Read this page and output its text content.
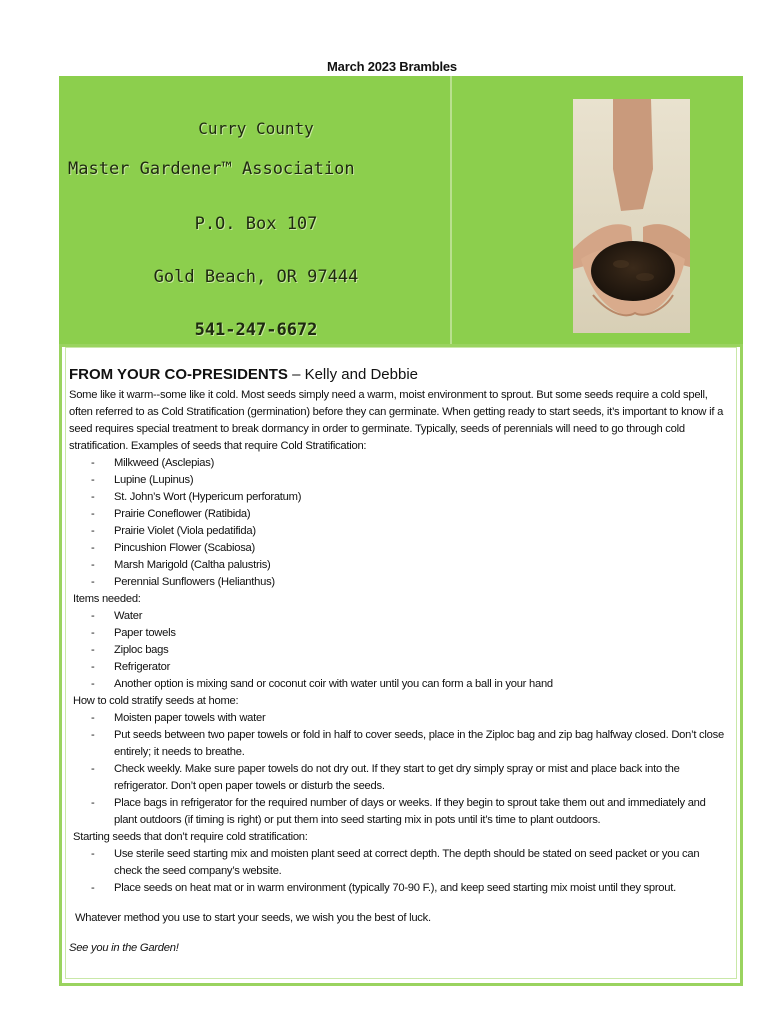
March 2023 Brambles
Curry County
Master Gardener™ Association
P.O. Box 107
Gold Beach, OR 97444
541-247-6672
FROM YOUR CO-PRESIDENTS – Kelly and Debbie
Some like it warm--some like it cold. Most seeds simply need a warm, moist environment to sprout. But some seeds require a cold spell, often referred to as Cold Stratification (germination) before they can germinate. When getting ready to start seeds, it’s important to know if a seed requires special treatment to break dormancy in order to germinate. Typically, seeds of perennials will need to go through cold stratification. Examples of seeds that require Cold Stratification:
- Milkweed (Asclepias)
- Lupine (Lupinus)
- St. John’s Wort (Hypericum perforatum)
- Prairie Coneflower (Ratibida)
- Prairie Violet (Viola pedatifida)
- Pincushion Flower (Scabiosa)
- Marsh Marigold (Caltha palustris)
- Perennial Sunflowers (Helianthus)
Items needed:
- Water
- Paper towels
- Ziploc bags
- Refrigerator
- Another option is mixing sand or coconut coir with water until you can form a ball in your hand
How to cold stratify seeds at home:
- Moisten paper towels with water
- Put seeds between two paper towels or fold in half to cover seeds, place in the Ziploc bag and zip bag halfway closed. Don’t close entirely; it needs to breathe.
- Check weekly. Make sure paper towels do not dry out. If they start to get dry simply spray or mist and place back into the refrigerator. Don’t open paper towels or disturb the seeds.
- Place bags in refrigerator for the required number of days or weeks. If they begin to sprout take them out and immediately and plant outdoors (if timing is right) or put them into seed starting mix in pots until it’s time to plant outdoors.
Starting seeds that don’t require cold stratification:
- Use sterile seed starting mix and moisten plant seed at correct depth. The depth should be stated on seed packet or you can check the seed company’s website.
- Place seeds on heat mat or in warm environment (typically 70-90 F.), and keep seed starting mix moist until they sprout.
Whatever method you use to start your seeds, we wish you the best of luck.
See you in the Garden!
